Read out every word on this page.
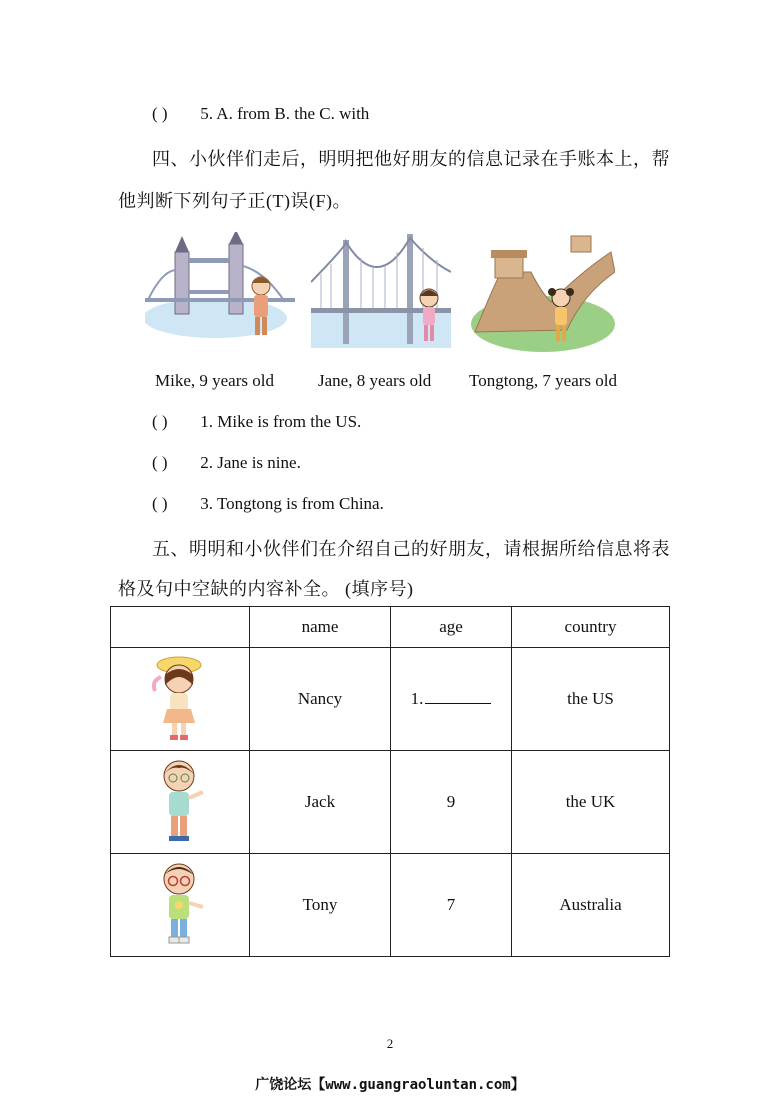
( ) 5. A. from B. the C. with
四、小伙伴们走后，明明把他好朋友的信息记录在手账本上，帮
他判断下列句子正(T)误(F)。
Mike, 9 years old	Jane, 8 years old Tongtong, 7 years old
( ) 1. Mike is from the US.
( ) 2. Jane is nine.
( ) 3. Tongtong is from China.
五、明明和小伙伴们在介绍自己的好朋友，请根据所给信息将表
格及句中空缺的内容补全。 (填序号)
	name	age	country
	Nancy	1.	the US
	Jack	9	the UK
	Tony	7	Australia
2
广饶论坛【www.guangraoluntan.com】
